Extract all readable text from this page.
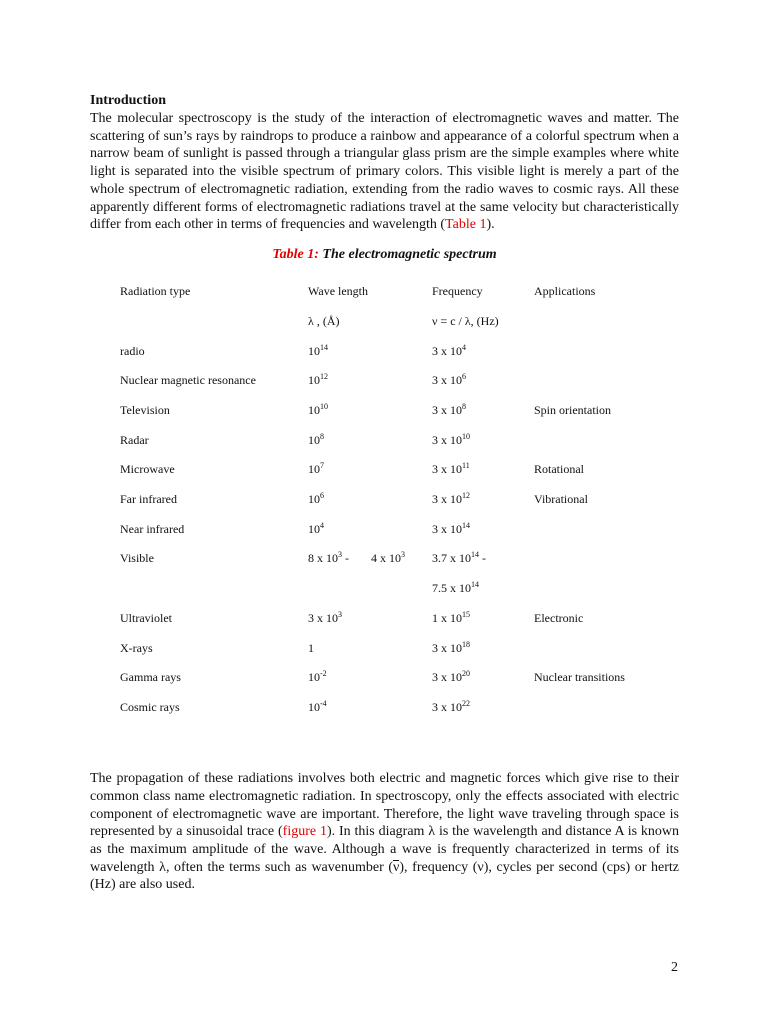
Introduction

The molecular spectroscopy is the study of the interaction of electromagnetic waves and matter. The scattering of sun’s rays by raindrops to produce a rainbow and appearance of a colorful spectrum when a narrow beam of sunlight is passed through a triangular glass prism are the simple examples where white light is separated into the visible spectrum of primary colors. This visible light is merely a part of the whole spectrum of electromagnetic radiation, extending from the radio waves to cosmic rays. All these apparently different forms of electromagnetic radiations travel at the same velocity but characteristically differ from each other in terms of frequencies and wavelength (Table 1).

Table 1: The electromagnetic spectrum

Radiation type	Wave length	Frequency	Applications
	λ , (Å)	ν = c / λ, (Hz)	
radio	$10^{14}$	3 x $10^4$	
Nuclear magnetic resonance	$10^{12}$	3 x $10^6$	
Television	$10^{10}$	3 x $10^8$	Spin orientation
Radar	$10^8$	3 x $10^{10}$	
Microwave	$10^7$	3 x $10^{11}$	Rotational
Far infrared	$10^6$	3 x $10^{12}$	Vibrational
Near infrared	$10^4$	3 x $10^{14}$	
Visible	8 x $10^3 - 4$ x $10^3$	3.7 x $10^{14}$ -	
		7.5 x $10^{14}$	
Ultraviolet	3 x $10^3$	1 x $10^{15}$	Electronic
X-rays	1	3 x $10^{18}$	
Gamma rays	$10^{-2}$	3 x $10^{20}$	Nuclear transitions
Cosmic rays	$10^{-4}$	3 x $10^{22}$	

The propagation of these radiations involves both electric and magnetic forces which give rise to their common class name electromagnetic radiation. In spectroscopy, only the effects associated with electric component of electromagnetic wave are important. Therefore, the light wave traveling through space is represented by a sinusoidal trace (figure 1). In this diagram λ is the wavelength and distance A is known as the maximum amplitude of the wave. Although a wave is frequently characterized in terms of its wavelength λ, often the terms such as wavenumber (ν), frequency (ν), cycles per second (cps) or hertz (Hz) are also used.

2
